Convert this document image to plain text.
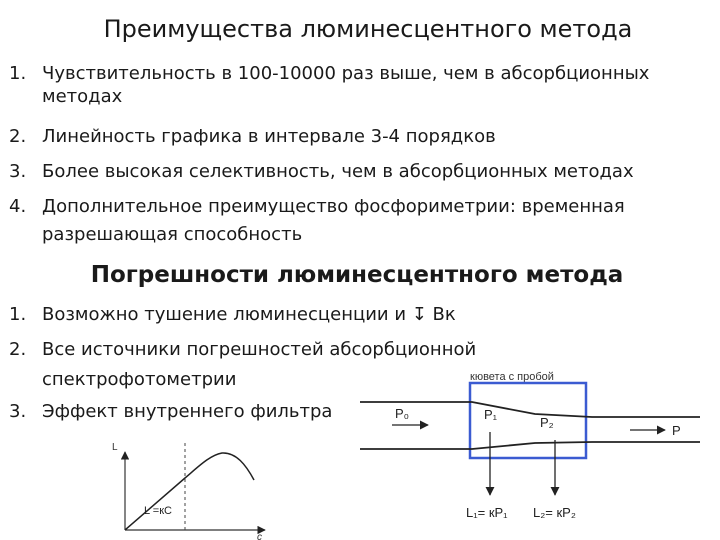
Преимущества люминесцентного метода
1. Чувствительность в 100-10000 раз выше, чем в абсорбционных
методах
2. Линейность графика в интервале 3-4 порядков
3. Более высокая селективность, чем в абсорбционных методах
4. Дополнительное преимущество фосфориметрии: временная
разрешающая способность
Погрешности люминесцентного метода
1. Возможно тушение люминесценции и ↧ Вк
2. Все источники погрешностей абсорбционной
спектрофотометрии
3. Эффект внутреннего фильтра
L
c
L =кС
кювета с пробой
P₀	P₁
P₂
P
L₁= кP₁ L₂= кP₂
